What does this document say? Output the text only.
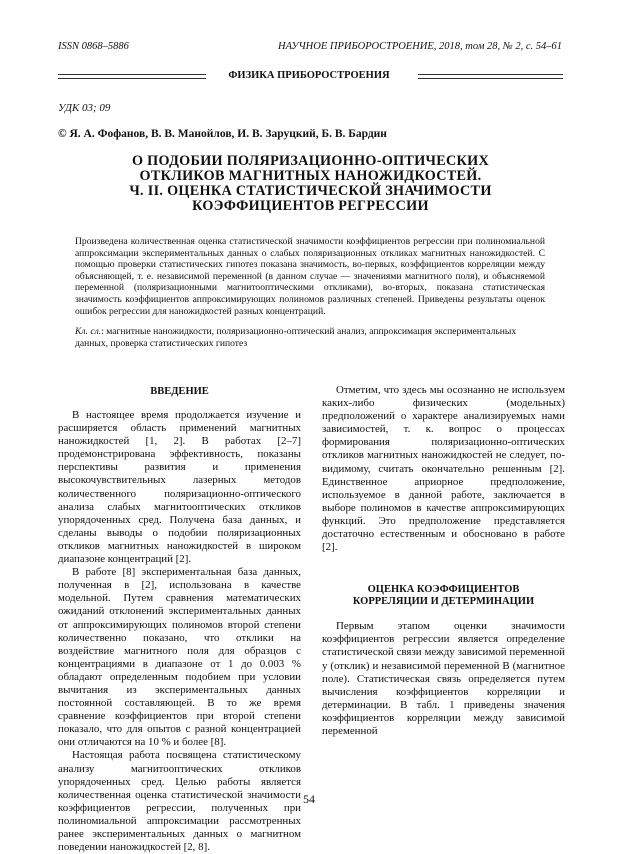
ISSN 0868–5886	НАУЧНОЕ ПРИБОРОСТРОЕНИЕ, 2018, том 28, № 2, с. 54–61
ФИЗИКА ПРИБОРОСТРОЕНИЯ
УДК 03; 09
© Я. А. Фофанов, В. В. Манойлов, И. В. Заруцкий, Б. В. Бардин
О ПОДОБИИ ПОЛЯРИЗАЦИОННО-ОПТИЧЕСКИХ
ОТКЛИКОВ МАГНИТНЫХ НАНОЖИДКОСТЕЙ.
Ч. II. ОЦЕНКА СТАТИСТИЧЕСКОЙ ЗНАЧИМОСТИ
КОЭФФИЦИЕНТОВ РЕГРЕССИИ
Произведена количественная оценка статистической значимости коэффициентов регрессии при полиномиальной аппроксимации экспериментальных данных о слабых поляризационных откликах магнитных наножидкостей. С помощью проверки статистических гипотез показана значимость, во-первых, коэффициентов корреляции между объясняющей, т. е. независимой переменной (в данном случае — значениями магнитного поля), и объясняемой переменной (поляризационными магнитооптическими откликами), во-вторых, показана статистическая значимость коэффициентов аппроксимирующих полиномов различных степеней. Приведены результаты оценок ошибок регрессии для наножидкостей разных концентраций.
Кл. сл.: магнитные наножидкости, поляризационно-оптический анализ, аппроксимация экспериментальных данных, проверка статистических гипотез
ВВЕДЕНИЕ

В настоящее время продолжается изучение и расширяется область применений магнитных наножидкостей [1, 2]. В работах [2–7] продемонстрирована эффективность, показаны перспективы развития и применения высокочувствительных лазерных методов количественного поляризационно-оптического анализа слабых магнитооптических откликов упорядоченных сред. Получена база данных, и сделаны выводы о подобии поляризационных откликов магнитных наножидкостей в широком диапазоне концентраций [2].

В работе [8] экспериментальная база данных, полученная в [2], использована в качестве модельной. Путем сравнения математических ожиданий отклонений экспериментальных данных от аппроксимирующих полиномов второй степени количественно показано, что отклики на воздействие магнитного поля для образцов с концентрациями в диапазоне от 1 до 0.003 % обладают определенным подобием при условии вычитания из экспериментальных данных постоянной составляющей. В то же время сравнение коэффициентов при второй степени показало, что для опытов с разной концентрацией они отличаются на 10 % и более [8].

Настоящая работа посвящена статистическому анализу магнитооптических откликов упорядоченных сред. Целью работы является количественная оценка статистической значимости коэффициентов регрессии, полученных при полиномиальной аппроксимации рассмотренных ранее экспериментальных данных о магнитном поведении наножидкостей [2, 8].

Отметим, что здесь мы осознанно не используем каких-либо физических (модельных) предположений о характере анализируемых нами зависимостей, т. к. вопрос о процессах формирования поляризационно-оптических откликов магнитных наножидкостей не следует, по-видимому, считать окончательно решенным [2]. Единственное априорное предположение, используемое в данной работе, заключается в выборе полиномов в качестве аппроксимирующих функций. Это предположение представляется достаточно естественным и обосновано в работе [2].

ОЦЕНКА КОЭФФИЦИЕНТОВ КОРРЕЛЯЦИИ И ДЕТЕРМИНАЦИИ

Первым этапом оценки значимости коэффициентов регрессии является определение статистической связи между зависимой переменной y (отклик) и независимой переменной B (магнитное поле). Статистическая связь определяется путем вычисления коэффициентов корреляции и детерминации. В табл. 1 приведены значения коэффициентов корреляции между зависимой переменной

54
